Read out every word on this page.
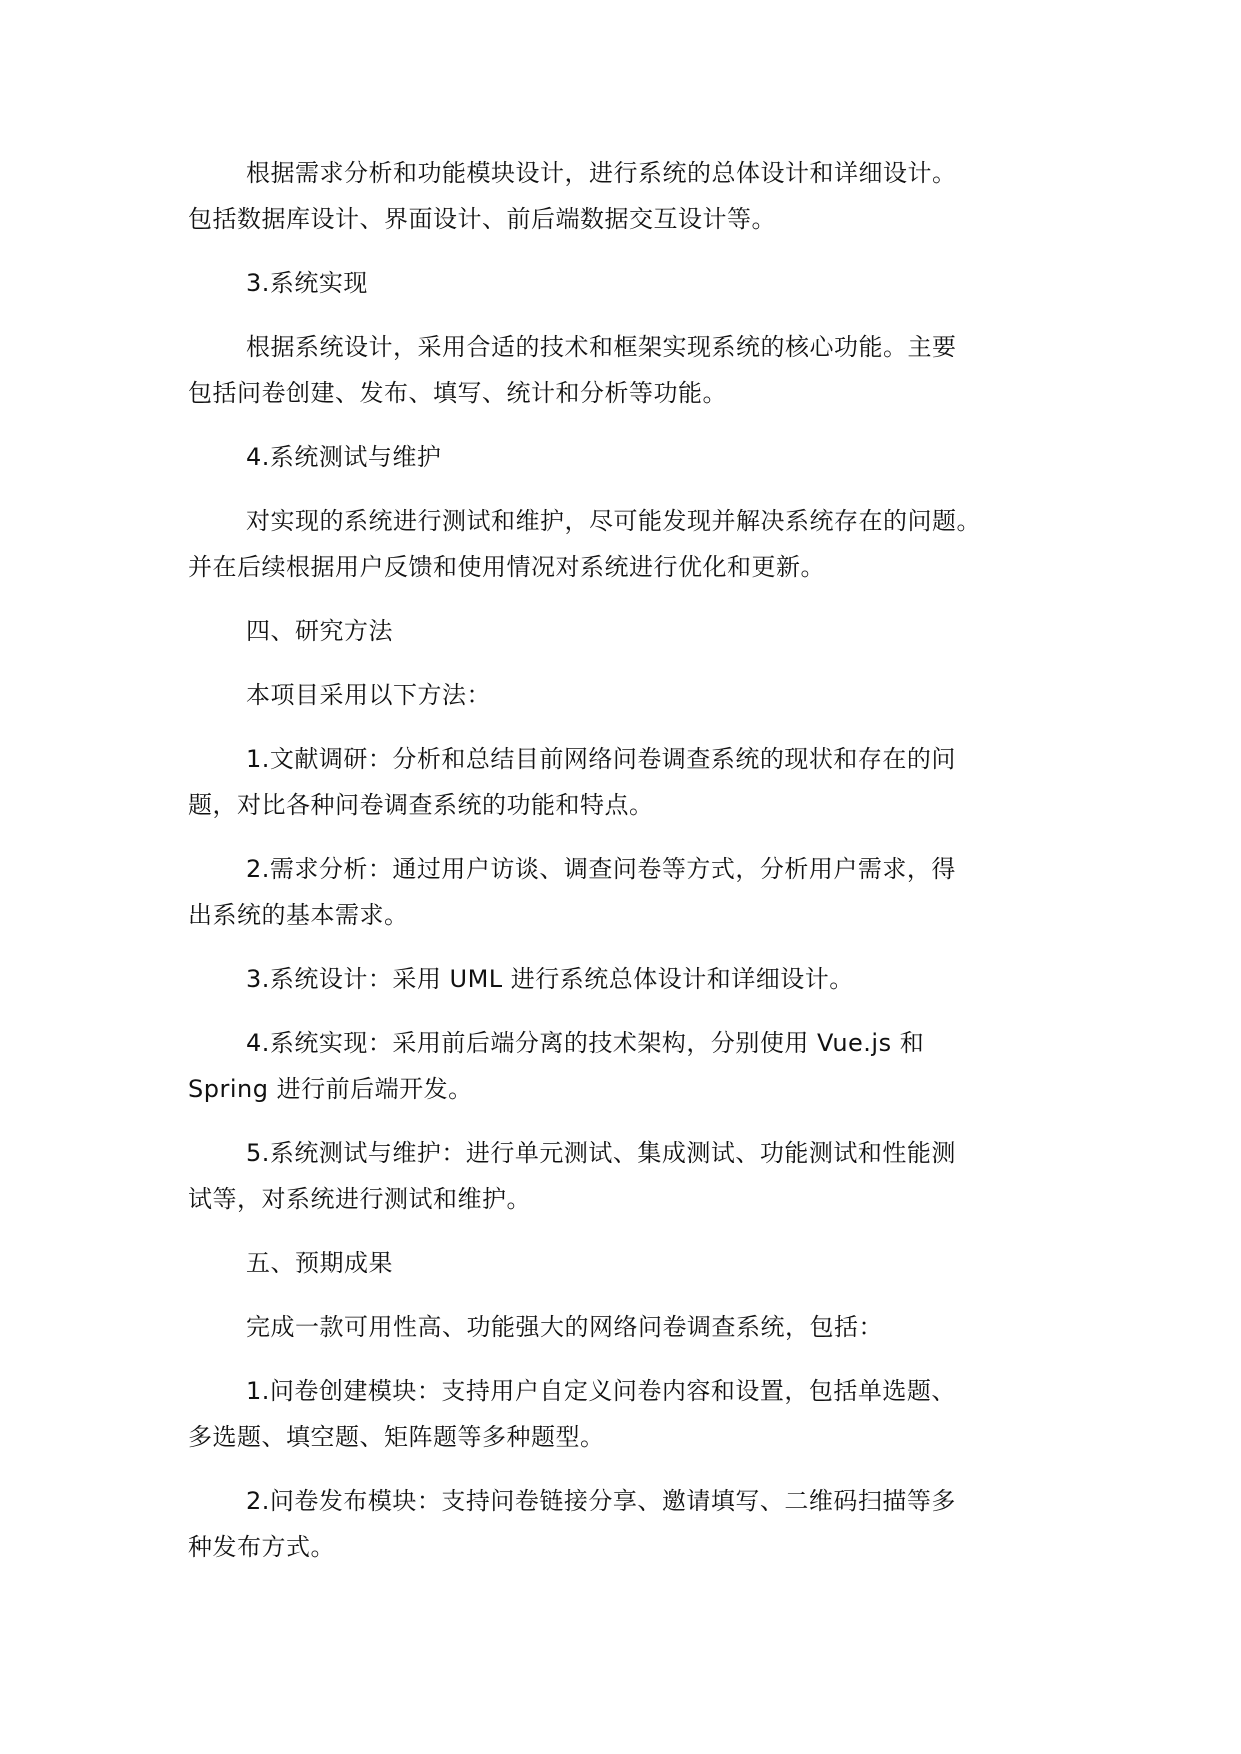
根据需求分析和功能模块设计，进行系统的总体设计和详细设计。
包括数据库设计、界面设计、前后端数据交互设计等。

3.系统实现

根据系统设计，采用合适的技术和框架实现系统的核心功能。主要
包括问卷创建、发布、填写、统计和分析等功能。

4.系统测试与维护

对实现的系统进行测试和维护，尽可能发现并解决系统存在的问题。
并在后续根据用户反馈和使用情况对系统进行优化和更新。

四、研究方法

本项目采用以下方法：

1.文献调研：分析和总结目前网络问卷调查系统的现状和存在的问
题，对比各种问卷调查系统的功能和特点。

2.需求分析：通过用户访谈、调查问卷等方式，分析用户需求，得
出系统的基本需求。

3.系统设计：采用 UML 进行系统总体设计和详细设计。

4.系统实现：采用前后端分离的技术架构，分别使用 Vue.js 和
Spring 进行前后端开发。

5.系统测试与维护：进行单元测试、集成测试、功能测试和性能测
试等，对系统进行测试和维护。

五、预期成果

完成一款可用性高、功能强大的网络问卷调查系统，包括：

1.问卷创建模块：支持用户自定义问卷内容和设置，包括单选题、
多选题、填空题、矩阵题等多种题型。

2.问卷发布模块：支持问卷链接分享、邀请填写、二维码扫描等多
种发布方式。
